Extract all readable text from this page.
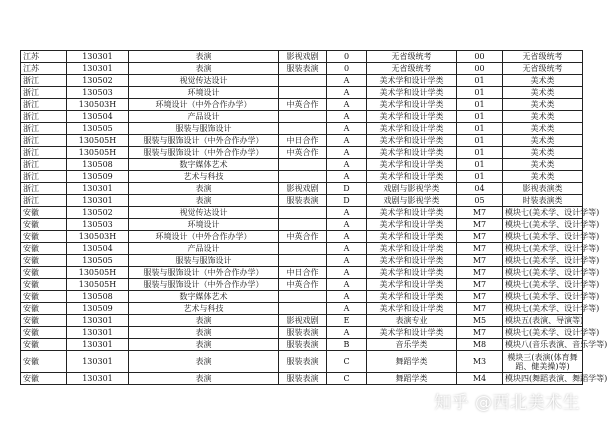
江苏	130301	表演	影视戏剧	0	无省级统考	00	无省级统考
江苏	130301	表演	服装表演	0	无省级统考	00	无省级统考
浙江	130502	视觉传达设计		A	美术学和设计学类	01	美术类
浙江	130503	环境设计		A	美术学和设计学类	01	美术类
浙江	130503H	环境设计（中外合作办学）	中英合作	A	美术学和设计学类	01	美术类
浙江	130504	产品设计		A	美术学和设计学类	01	美术类
浙江	130505	服装与服饰设计		A	美术学和设计学类	01	美术类
浙江	130505H	服装与服饰设计（中外合作办学）	中日合作	A	美术学和设计学类	01	美术类
浙江	130505H	服装与服饰设计（中外合作办学）	中英合作	A	美术学和设计学类	01	美术类
浙江	130508	数字媒体艺术		A	美术学和设计学类	01	美术类
浙江	130509	艺术与科技		A	美术学和设计学类	01	美术类
浙江	130301	表演	影视戏剧	D	戏剧与影视学类	04	影视表演类
浙江	130301	表演	服装表演	D	戏剧与影视学类	05	时装表演类
安徽	130502	视觉传达设计		A	美术学和设计学类	M7	模块七(美术学、设计学等)
安徽	130503	环境设计		A	美术学和设计学类	M7	模块七(美术学、设计学等)
安徽	130503H	环境设计（中外合作办学）	中英合作	A	美术学和设计学类	M7	模块七(美术学、设计学等)
安徽	130504	产品设计		A	美术学和设计学类	M7	模块七(美术学、设计学等)
安徽	130505	服装与服饰设计		A	美术学和设计学类	M7	模块七(美术学、设计学等)
安徽	130505H	服装与服饰设计（中外合作办学）	中日合作	A	美术学和设计学类	M7	模块七(美术学、设计学等)
安徽	130505H	服装与服饰设计（中外合作办学）	中英合作	A	美术学和设计学类	M7	模块七(美术学、设计学等)
安徽	130508	数字媒体艺术		A	美术学和设计学类	M7	模块七(美术学、设计学等)
安徽	130509	艺术与科技		A	美术学和设计学类	M7	模块七(美术学、设计学等)
安徽	130301	表演	影视戏剧	E	表演专业	M5	模块五(表演、导演等)
安徽	130301	表演	服装表演	A	美术学和设计学类	M7	模块七(美术学、设计学等)
安徽	130301	表演	服装表演	B	音乐学类	M8	模块八(音乐表演、音乐学等)
安徽	130301	表演	服装表演	C	舞蹈学类	M3	模块三(表演(体育舞蹈、健美操)等)
安徽	130301	表演	服装表演	C	舞蹈学类	M4	模块四(舞蹈表演、舞蹈学等)
知乎 @西北美术生
